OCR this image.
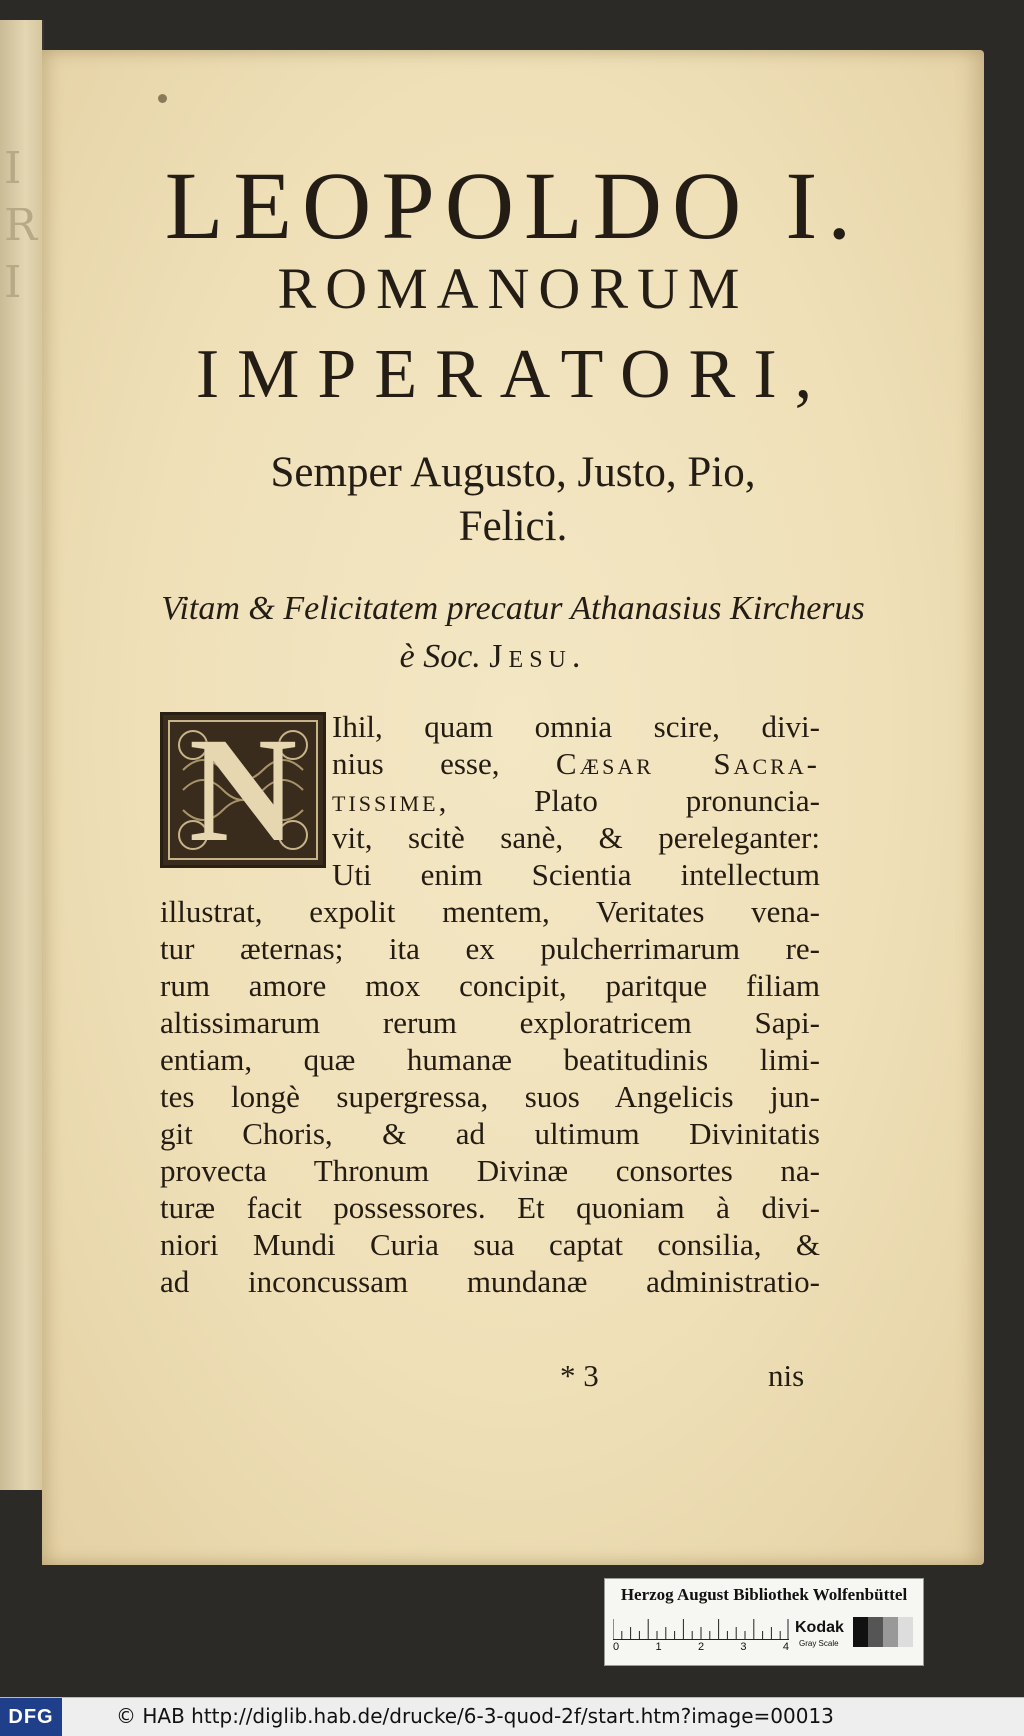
I
R
I
LEOPOLDO I.
ROMANORUM
IMPERATORI,
Semper Augusto, Justo, Pio,
Felici.
Vitam & Felicitatem precatur Athanasius Kircherus
è Soc. Jesu.
N Ihil, quam omnia scire, divi-
nius esse, Cæsar Sacra-
tissime, Plato pronuncia-
vit, scitè sanè, & pereleganter:
Uti enim Scientia intellectum
illustrat, expolit mentem, Veritates vena-
tur æternas; ita ex pulcherrimarum re-
rum amore mox concipit, paritque filiam
altissimarum rerum exploratricem Sapi-
entiam, quæ humanæ beatitudinis limi-
tes longè supergressa, suos Angelicis jun-
git Choris, & ad ultimum Divinitatis
provecta Thronum Divinæ consortes na-
turæ facit possessores. Et quoniam à divi-
niori Mundi Curia sua captat consilia, &
ad inconcussam mundanæ administratio-
* 3	nis
Herzog August Bibliothek Wolfenbüttel
0	1	2	3	4
Kodak
Gray Scale
DFG	© HAB http://diglib.hab.de/drucke/6-3-quod-2f/start.htm?image=00013
